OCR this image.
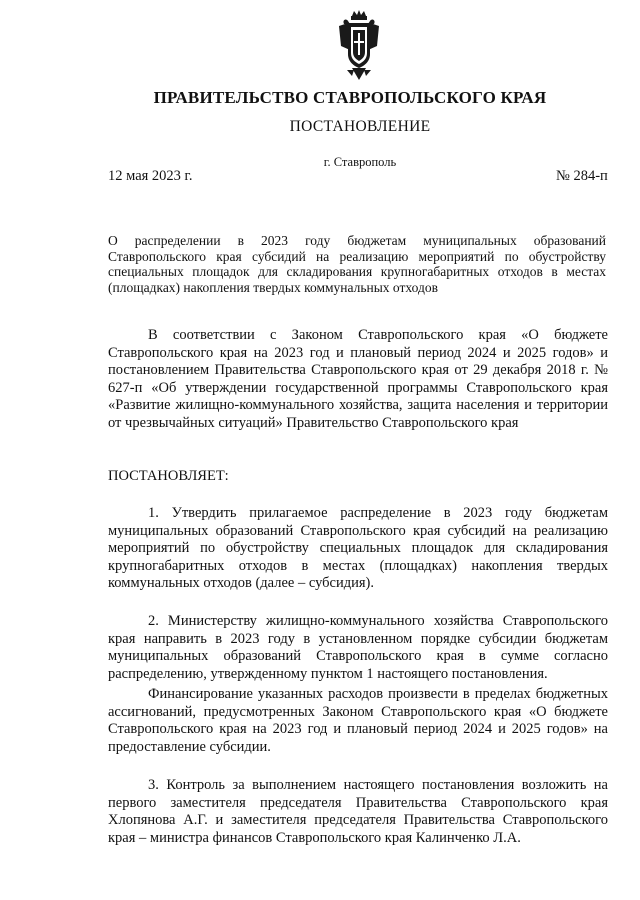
ПРАВИТЕЛЬСТВО СТАВРОПОЛЬСКОГО КРАЯ
ПОСТАНОВЛЕНИЕ
г. Ставрополь
12 мая 2023 г.	№ 284-п
О распределении в 2023 году бюджетам муниципальных образований Ставропольского края субсидий на реализацию мероприятий по обустройству специальных площадок для складирования крупногабаритных отходов в местах (площадках) накопления твердых коммунальных отходов

В соответствии с Законом Ставропольского края «О бюджете Ставропольского края на 2023 год и плановый период 2024 и 2025 годов» и постановлением Правительства Ставропольского края от 29 декабря 2018 г. № 627-п «Об утверждении государственной программы Ставропольского края «Развитие жилищно-коммунального хозяйства, защита населения и территории от чрезвычайных ситуаций» Правительство Ставропольского края

ПОСТАНОВЛЯЕТ:

1. Утвердить прилагаемое распределение в 2023 году бюджетам муниципальных образований Ставропольского края субсидий на реализацию мероприятий по обустройству специальных площадок для складирования крупногабаритных отходов в местах (площадках) накопления твердых коммунальных отходов (далее – субсидия).

2. Министерству жилищно-коммунального хозяйства Ставропольского края направить в 2023 году в установленном порядке субсидии бюджетам муниципальных образований Ставропольского края в сумме согласно распределению, утвержденному пунктом 1 настоящего постановления.

Финансирование указанных расходов произвести в пределах бюджетных ассигнований, предусмотренных Законом Ставропольского края «О бюджете Ставропольского края на 2023 год и плановый период 2024 и 2025 годов» на предоставление субсидии.

3. Контроль за выполнением настоящего постановления возложить на первого заместителя председателя Правительства Ставропольского края Хлопянова А.Г. и заместителя председателя Правительства Ставропольского края – министра финансов Ставропольского края Калинченко Л.А.
